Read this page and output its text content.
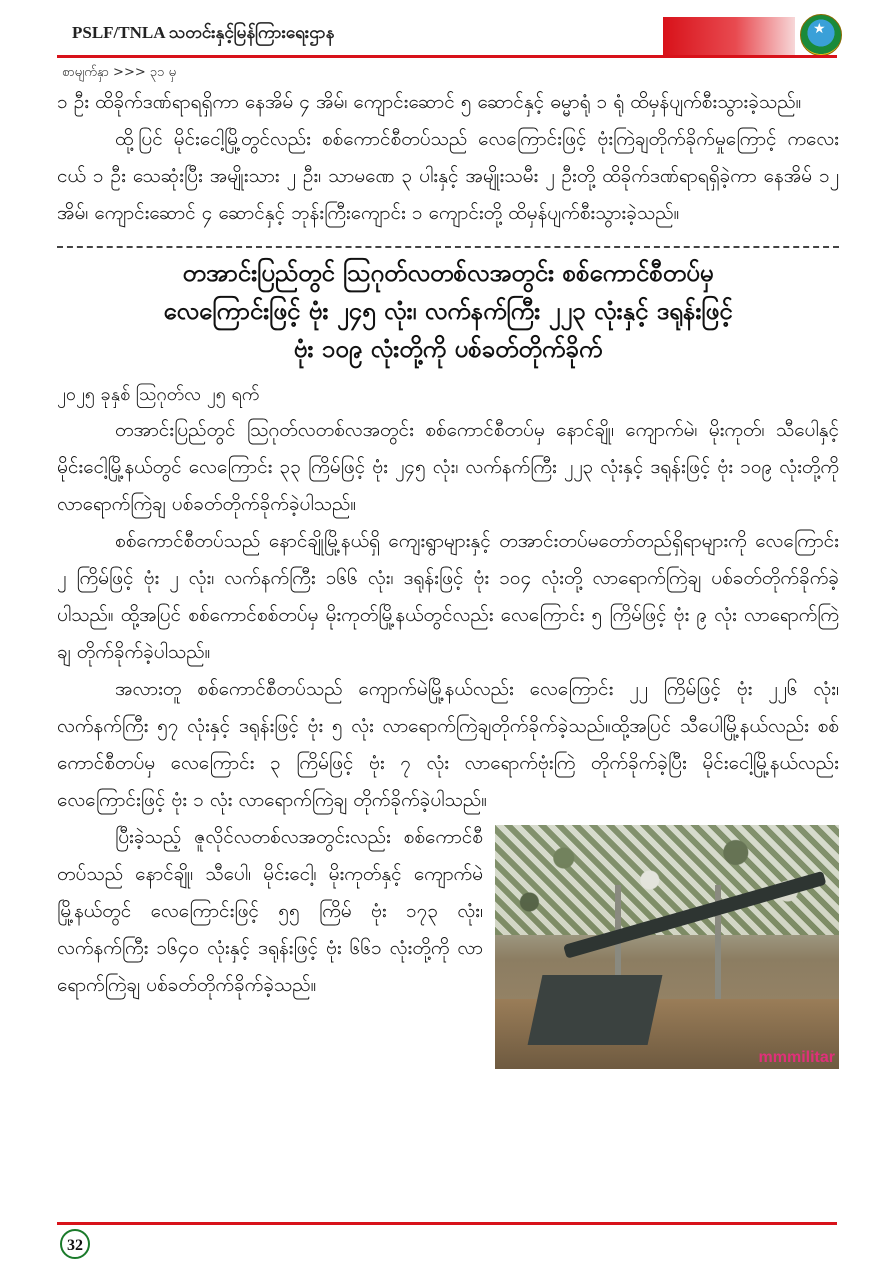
PSLF/TNLA သတင်းနှင့်မြန်ကြားရေးဌာန	★
စာမျက်နှာ >>> ၃၁ မှ

၁ ဦး ထိခိုက်ဒဏ်ရာရရှိကာ နေအိမ် ၄ အိမ်၊ ကျောင်းဆောင် ၅ ဆောင်နှင့် ဓမ္မာရုံ ၁ ရုံ ထိမှန်ပျက်စီးသွားခဲ့သည်။

ထို့ပြင် မိုင်းငေါ့မြို့တွင်လည်း စစ်ကောင်စီတပ်သည် လေကြောင်းဖြင့် ဗုံးကြဲချတိုက်ခိုက်မှုကြောင့် ကလေးငယ် ၁ ဦး သေဆုံးပြီး အမျိုးသား ၂ ဦး၊ သာမဏေ ၃ ပါးနှင့် အမျိုးသမီး ၂ ဦးတို့ ထိခိုက်ဒဏ်ရာရရှိခဲ့ကာ နေအိမ် ၁၂ အိမ်၊ ကျောင်းဆောင် ၄ ဆောင်နှင့် ဘုန်းကြီးကျောင်း ၁ ကျောင်းတို့ ထိမှန်ပျက်စီးသွားခဲ့သည်။

တအာင်းပြည်တွင် ဩဂုတ်လတစ်လအတွင်း စစ်ကောင်စီတပ်မှ
လေကြောင်းဖြင့် ဗုံး ၂၄၅ လုံး၊ လက်နက်ကြီး ၂၂၃ လုံးနှင့် ဒရုန်းဖြင့်
ဗုံး ၁၀၉ လုံးတို့ကို ပစ်ခတ်တိုက်ခိုက်

၂၀၂၅ ခုနှစ် ဩဂုတ်လ ၂၅ ရက်

တအာင်းပြည်တွင် ဩဂုတ်လတစ်လအတွင်း စစ်ကောင်စီတပ်မှ နောင်ချို၊ ကျောက်မဲ၊ မိုးကုတ်၊ သီပေါနှင့် မိုင်းငေါ့မြို့နယ်တွင် လေကြောင်း ၃၃ ကြိမ်ဖြင့် ဗုံး ၂၄၅ လုံး၊ လက်နက်ကြီး ၂၂၃ လုံးနှင့် ဒရုန်းဖြင့် ဗုံး ၁၀၉ လုံးတို့ကို လာရောက်ကြဲချ ပစ်ခတ်တိုက်ခိုက်ခဲ့ပါသည်။

စစ်ကောင်စီတပ်သည် နောင်ချိုမြို့နယ်ရှိ ကျေးရွာများနှင့် တအာင်းတပ်မတော်တည်ရှိရာများကို လေကြောင်း ၂ ကြိမ်ဖြင့် ဗုံး ၂ လုံး၊ လက်နက်ကြီး ၁၆၆ လုံး၊ ဒရုန်းဖြင့် ဗုံး ၁၀၄ လုံးတို့ လာရောက်ကြဲချ ပစ်ခတ်တိုက်ခိုက်ခဲ့ပါသည်။ ထို့အပြင် စစ်ကောင်စစ်တပ်မှ မိုးကုတ်မြို့နယ်တွင်လည်း လေကြောင်း ၅ ကြိမ်ဖြင့် ဗုံး ၉ လုံး လာရောက်ကြဲချ တိုက်ခိုက်ခဲ့ပါသည်။

အလားတူ စစ်ကောင်စီတပ်သည် ကျောက်မဲမြို့နယ်လည်း လေကြောင်း ၂၂ ကြိမ်ဖြင့် ဗုံး ၂၂၆ လုံး၊ လက်နက်ကြီး ၅၇ လုံးနှင့် ဒရုန်းဖြင့် ဗုံး ၅ လုံး လာရောက်ကြဲချတိုက်ခိုက်ခဲ့သည်။ထို့အပြင် သီပေါမြို့နယ်လည်း စစ်ကောင်စီတပ်မှ လေကြောင်း ၃ ကြိမ်ဖြင့် ဗုံး ၇ လုံး လာရောက်ဗုံးကြဲ တိုက်ခိုက်ခဲ့ပြီး မိုင်းငေါ့မြို့နယ်လည်း လေကြောင်းဖြင့် ဗုံး ၁ လုံး လာရောက်ကြဲချ တိုက်ခိုက်ခဲ့ပါသည်။

mmmilitar

ပြီးခဲ့သည့် ဇူလိုင်လတစ်လအတွင်းလည်း စစ်ကောင်စီတပ်သည် နောင်ချို၊ သီပေါ၊ မိုင်းငေါ့၊ မိုးကုတ်နှင့် ကျောက်မဲမြို့နယ်တွင် လေကြောင်းဖြင့် ၅၅ ကြိမ် ဗုံး ၁၇၃ လုံး၊ လက်နက်ကြီး ၁၆၄၀ လုံးနှင့် ဒရုန်းဖြင့် ဗုံး ၆၆၁ လုံးတို့ကို လာရောက်ကြဲချ ပစ်ခတ်တိုက်ခိုက်ခဲ့သည်။

32
